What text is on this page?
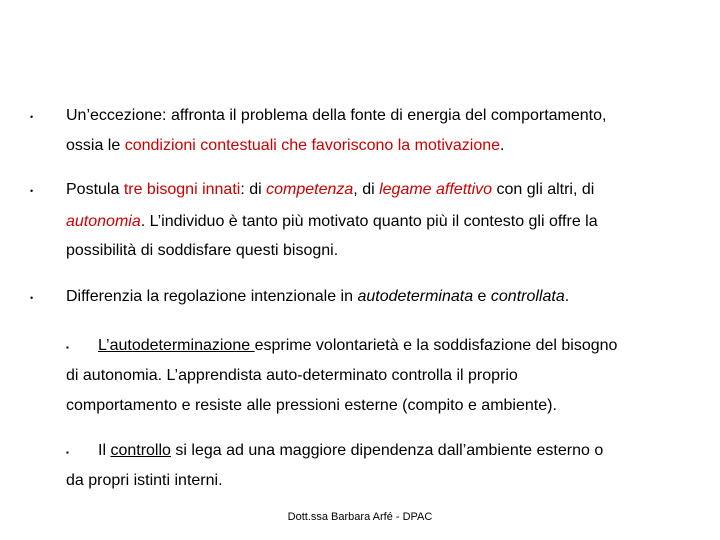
• Un’eccezione: affronta il problema della fonte di energia del comportamento,
ossia le condizioni contestuali che favoriscono la motivazione.
• Postula tre bisogni innati: di competenza, di legame affettivo con gli altri, di
autonomia. L’individuo è tanto più motivato quanto più il contesto gli offre la
possibilità di soddisfare questi bisogni.
• Differenzia la regolazione intenzionale in autodeterminata e controllata.
▪ L’autodeterminazione esprime volontarietà e la soddisfazione del bisogno
di autonomia. L’apprendista auto-determinato controlla il proprio
comportamento e resiste alle pressioni esterne (compito e ambiente).
▪ Il controllo si lega ad una maggiore dipendenza dall’ambiente esterno o
da propri istinti interni.
Dott.ssa Barbara Arfé - DPAC
